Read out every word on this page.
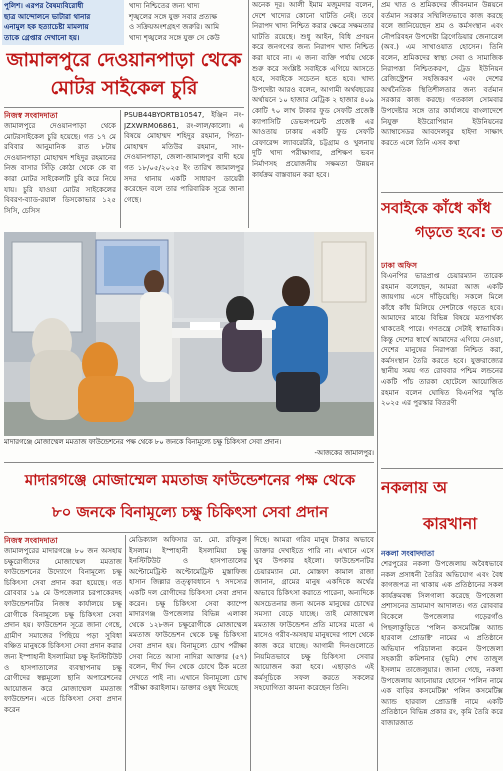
পুলিশ। এরপর বৈষম্যবিরোধী
ছাত্র আন্দোলনে ভাটারা থানার
এনামুল হক হত্যাচেষ্টা মামলায়
তাকে গ্রেপ্তার দেখানো হয়।
খাদ্য নিশ্চিতের জন্য খাদ্য
শৃঙ্খলের সঙ্গে যুক্ত সবার প্রত্যক্ষ
ও সক্রিয়অংশগ্রহণ জরুরি। আমি
খাদ্য শৃঙ্খলের সঙ্গে যুক্ত সে কেউ
জামালপুরে দেওয়ানপাড়া থেকে
মোটর সাইকেল চুরি
নিজস্ব সংবাদদাতা
জামালপুরে দেওয়ানপাড়া থেকে মোটরসাইকেল চুরি হয়েছে। গত ১৭ মে রবিবার আনুমানিক রাত ৮টায় দেওয়ানপাড়া মোহাম্মদ শহিদুর রহমানের নিজ বাসার সিঁড়ি কোঠা থেকে কে বা কারা মোটর সাইকেলটি চুরি করে নিয়ে যায়। চুরি যাওয়া মোটর সাইকেলের বিবরণ-ব্যাড-রয়াল ডিসকোভার ১২৫ সিসি, চেসিস
PSUB44BYORTB10547, ইঞ্জিন নং-JZXWRM06861, রং-লাল/কালো। এ বিষয়ে মোহাম্মদ শহিদুর রহমান, পিতা-মোহাম্মদ মতিউর রহমান, সাং-দেওয়ানপাড়া, জেলা-জামালপুর বাদী হয়ে গত ১৮/০৫/২০২৫ ইং তারিখ জামালপুর সদর থানায় একটি সাধারণ ডায়েরী করেছেন বলে তার পারিবারিক সূত্রে জানা গেছে।
অনেক দূর। আলী ইমাম মজুমদার বলেন, দেশে খাদ্যের কোনো ঘাটতি নেই। তবে নিরাপদ খাদ্য নিশ্চিত করার ক্ষেত্রে সক্ষমতার ঘাটতি রয়েছে। শুধু আইন, বিধি প্রণয়ন করে জনগণের জন্য নিরাপদ খাদ্য নিশ্চিত করা যাবে না। এ জন্য ব্যক্তি পর্যায় থেকে শুরু করে সংশ্লিষ্ট সবাইকে এগিয়ে আসতে হবে, সবাইকে সচেতন হতে হবে। খাদ্য উপদেষ্টা আরও বলেন, আগামী অর্থবছরের অর্থায়নে ১০ হাজার মেট্রিক ২ হাজার ৪০৯ কোটি ৭০ লাখ টাকার ফুড সেফটি প্রজেক্ট ক্যাপাসিটি ডেভলপমেন্ট প্রজেক্ট এর আওতায় ঢাকায় একটি ফুড সেফটি রেফারেন্স ল্যাবরেটরি, চট্টগ্রাম ও খুলনায় দুটি খাদ্য পরীক্ষাগার, প্রশিক্ষণ ভবন নির্মাণসহ প্রয়োজনীয় সক্ষমতা উন্নয়ন কার্যক্রম বাস্তবায়ন করা হবে।
প্রম খাত ও শ্রমিকদের জীবনমান উন্নয়নে বর্তমান সরকার সম্মিলিতভাবে কাজ করছে বলে জানিয়েছেন শ্রম ও কর্মসংস্থান এবং নৌপরিবহন উপদেষ্টা ব্রিগেডিয়ার জেনারেল (অব.) এম সাখাওয়াত হোসেন। তিনি বলেন, শ্রমিকদের স্বাস্থ্য সেবা ও সামাজিক নিরাপত্তা নিশ্চিতকরণ, ট্রেড ইউনিয়ন রেজিস্ট্রেশন সহজিকরণ এবং দেশের অর্থনৈতিক স্থিতিশীলতার জন্য বর্তমান সরকার কাজ করছে। গতকাল সোমবার উপদেষ্টার সঙ্গে তার কার্যালয়ে বাংলাদেশে নিযুক্ত ইউরোপিয়ান ইউনিয়নের অ্যাম্বাসেডর আবদেলবুর হাইদা সাক্ষাৎ করতে এলে তিনি এসব কথা
সবাইকে কাঁধে কাঁধ
গড়তে হবে: ত
ঢাকা অফিস
বিএনপির ভারপ্রাপ্ত চেয়ারম্যান তারেক রহমান বলেছেন, আমরা আজ একটি জায়গায় এসে দাঁড়িয়েছি। সকলে মিলে কাঁধে কাঁধ মিলিয়ে দেশটাকে গড়তে হবে। আমাদের মাঝে বিভিন্ন বিষয়ে মতপার্থক্য থাকতেই পারে। গণতন্ত্রে সেটাই স্বাভাবিক। কিন্তু দেশের স্বার্থে আমাদের এগিয়ে নেওয়া, দেশের মানুষের নিরাপত্তা নিশ্চিত করা, কর্মসংস্থান তৈরি করতে হবে। যুক্তরাজ্যের স্থানীয় সময় গত রোববার পশ্চিম লন্ডনের একটি পাঁচ তারকা হোটেলে আয়োজিত রহমান বলেন ঘোষিত বিএনপির স্মৃতি ২০২৫ এর পুরস্কার বিতরণী
মাদারগঞ্জে মোজাম্মেল মমতাজ ফাউন্ডেশনের পক্ষ থেকে ৮০ জনকে বিনামূল্যে চক্ষু চিকিৎসা সেবা প্রদান।
-আজকের জামালপুর।
মাদারগঞ্জে মোজাম্মেল মমতাজ ফাউন্ডেশনের পক্ষ থেকে
৮০ জনকে বিনামূল্যে চক্ষু চিকিৎসা সেবা প্রদান
নিজস্ব সংবাদদাতা
জামালপুরের মাদারগঞ্জে ৮০ জন অসহায় চক্ষুরোগীদের মোজাম্মেল মমতাজ ফাউন্ডেশনের উদ্যোগে বিনামূল্যে চক্ষু চিকিৎসা সেবা প্রদান করা হয়েছে। গত রোববার ১৯ মে উপজেলার চরপাকেরদহ ফাউন্ডেশনটির নিজস্ব কার্যালয়ে চক্ষু রোগীকে বিনামূল্যে চক্ষু চিকিৎসা সেবা প্রদান হয়। ফাউন্ডেশন সূত্রে জানা গেছে, গ্রামীণ সমাজের পিছিয়ে পড়া সুবিধা বঞ্চিত মানুষকে চিকিৎসা সেবা প্রদান করার জন্য ইস্পাহানী ইসলামিয়া চক্ষু ইনস্টিটিউট ও হাসপাতালের ব্যবস্থাপনায় চক্ষু রোগীদের স্বল্পমূল্যে ছানি অপারেশনের আয়োজন করে মোজাম্মেল মমতাজ ফাউন্ডেশন। এতে চিকিৎসা সেবা প্রদান করেন
মেডিক্যাল অফিসার ডা. মো. রফিকুল ইসলাম। ইস্পাহানী ইসলামিয়া চক্ষু ইনস্টিটিউট ও হাসপাতালের অপ্টোমেট্রিস্ট অপ্টোমেট্রিস্ট মুস্তাফিজ হাসান জিল্লার তত্ত্বাবধানে ৭ সদস্যের একটি দল রোগীদের চিকিৎসা সেবা প্রদান করেন। চক্ষু চিকিৎসা সেবা ক্যাম্পে মাদারগঞ্জ উপজেলার বিভিন্ন এলাকা থেকে ১২৮জন চক্ষুরোগীকে মোজাম্মেল মমতাজ ফাউন্ডেশন থেকে চক্ষু চিকিৎসা সেবা প্রদান হয়। বিনামূল্যে চোখ পরীক্ষা সেবা নিতে আসা নাদিরা আক্তার (৫৭) বলেন, দীর্ঘ দিন থেকে চোখে ঠিক মতো দেখতে পাই না। এখানে বিনামূল্যে চোখ পরীক্ষা করাইলাম। ডাক্তার ওষুধ দিয়েছে
দিছে। আমরা গরিব মানুষ টাকার অভাবে ডাক্তার দেখাইতে পারি না। এখানে এসে খুব উপকার হইলো। ফাউন্ডেশনটির চেয়ারম্যান মো. মোস্তফা কামাল রাজা জানান, গ্রামের মানুষ একদিকে অর্থের অভাবে চিকিৎসা করাতে পারেনা, অন্যদিকে অসচেতনার জন্য অনেক মানুষের চোখের সমস্যা বেড়ে যাচ্ছে। তাই মোজাম্মেল মমতাজ ফাউন্ডেশন প্রতি মাসের মতো এ মাসেও গরীব-অসহায় মানুষদের পাশে থেকে কাজ করে যাচ্ছে। আগামী দিনগুলোতে নিয়মিতভাবে চক্ষু চিকিৎসা সেবার আয়োজন করা হবে। এছাড়াও এই কর্মসূচিকে সফল করতে সকলের সহযোগিতা কামনা করেছেন তিনি।
নকলায় অ
কারখানা
নকলা সংবাদদাতা
শেরপুরের নকলা উপজেলায় অবৈধভাবে নকল প্রসাধনী তৈরির অভিযোগ এবং বৈধ কাগজপত্র না থাকায় এক প্রতিষ্ঠানের সকল কার্যক্রমবন্ধ সিলগালা করেছে উপজেলা প্রশাসনের ভ্রাম্যমাণ আদালত। গত রোববার বিকেলে উপজেলার গড়েরগাঁও পিছলাকুড়িতে 'পলিন কসমেটিক্স অ্যান্ড হারবাল প্রোডাক্ট' নামের এ প্রতিষ্ঠানে অভিযান পরিচালনা করেন উপজেলা সহকারী কমিশনার (ভূমি) শেখ তাজুল ইসলাম তাজেলুয়ার। জানা গেছে, নকলা উপজেলায় আনোয়ার হোসেন 'পলিন নামে এক বাড়ির কসমেটিক্স' পলিন কসমেটিক্স অ্যান্ড হারবাল প্রোডাক্ট নামে একটি প্রতিষ্ঠানে বিভিন্ন প্রকার রং, কৃমি তৈরি করে বাজারজাত
